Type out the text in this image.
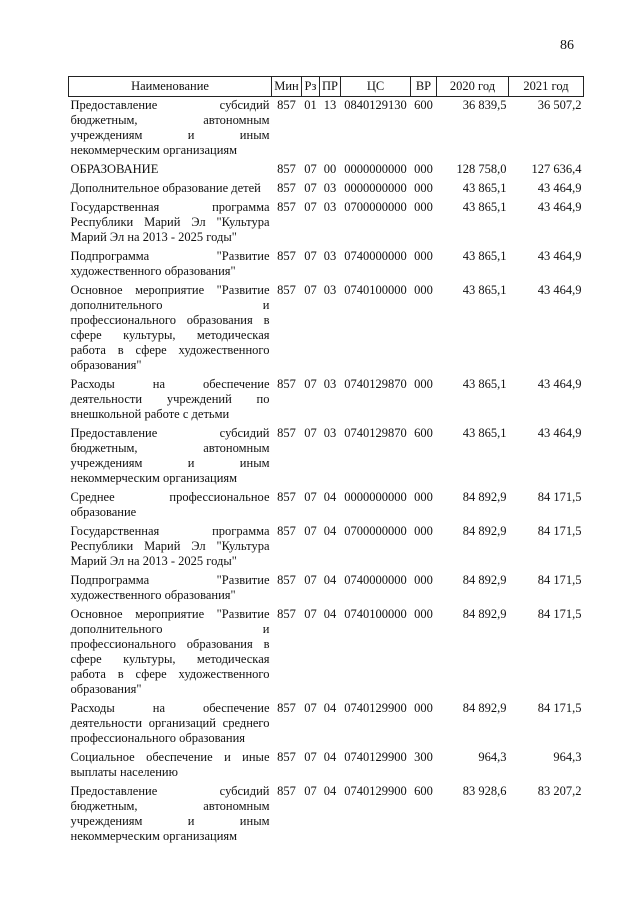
86
Наименование	Мин	Рз	ПР	ЦС	ВР	2020 год	2021 год
Предоставление субсидий бюджетным, автономным учреждениям и иным некоммерческим организациям	857	01	13	0840129130	600	36 839,5	36 507,2
ОБРАЗОВАНИЕ	857	07	00	0000000000	000	128 758,0	127 636,4
Дополнительное образование детей	857	07	03	0000000000	000	43 865,1	43 464,9
Государственная программа Республики Марий Эл "Культура Марий Эл на 2013 - 2025 годы"	857	07	03	0700000000	000	43 865,1	43 464,9
Подпрограмма "Развитие художественного образования"	857	07	03	0740000000	000	43 865,1	43 464,9
Основное мероприятие "Развитие дополнительного и профессионального образования в сфере культуры, методическая работа в сфере художественного образования"	857	07	03	0740100000	000	43 865,1	43 464,9
Расходы на обеспечение деятельности учреждений по внешкольной работе с детьми	857	07	03	0740129870	000	43 865,1	43 464,9
Предоставление субсидий бюджетным, автономным учреждениям и иным некоммерческим организациям	857	07	03	0740129870	600	43 865,1	43 464,9
Среднее профессиональное образование	857	07	04	0000000000	000	84 892,9	84 171,5
Государственная программа Республики Марий Эл "Культура Марий Эл на 2013 - 2025 годы"	857	07	04	0700000000	000	84 892,9	84 171,5
Подпрограмма "Развитие художественного образования"	857	07	04	0740000000	000	84 892,9	84 171,5
Основное мероприятие "Развитие дополнительного и профессионального образования в сфере культуры, методическая работа в сфере художественного образования"	857	07	04	0740100000	000	84 892,9	84 171,5
Расходы на обеспечение деятельности организаций среднего профессионального образования	857	07	04	0740129900	000	84 892,9	84 171,5
Социальное обеспечение и иные выплаты населению	857	07	04	0740129900	300	964,3	964,3
Предоставление субсидий бюджетным, автономным учреждениям и иным некоммерческим организациям	857	07	04	0740129900	600	83 928,6	83 207,2
